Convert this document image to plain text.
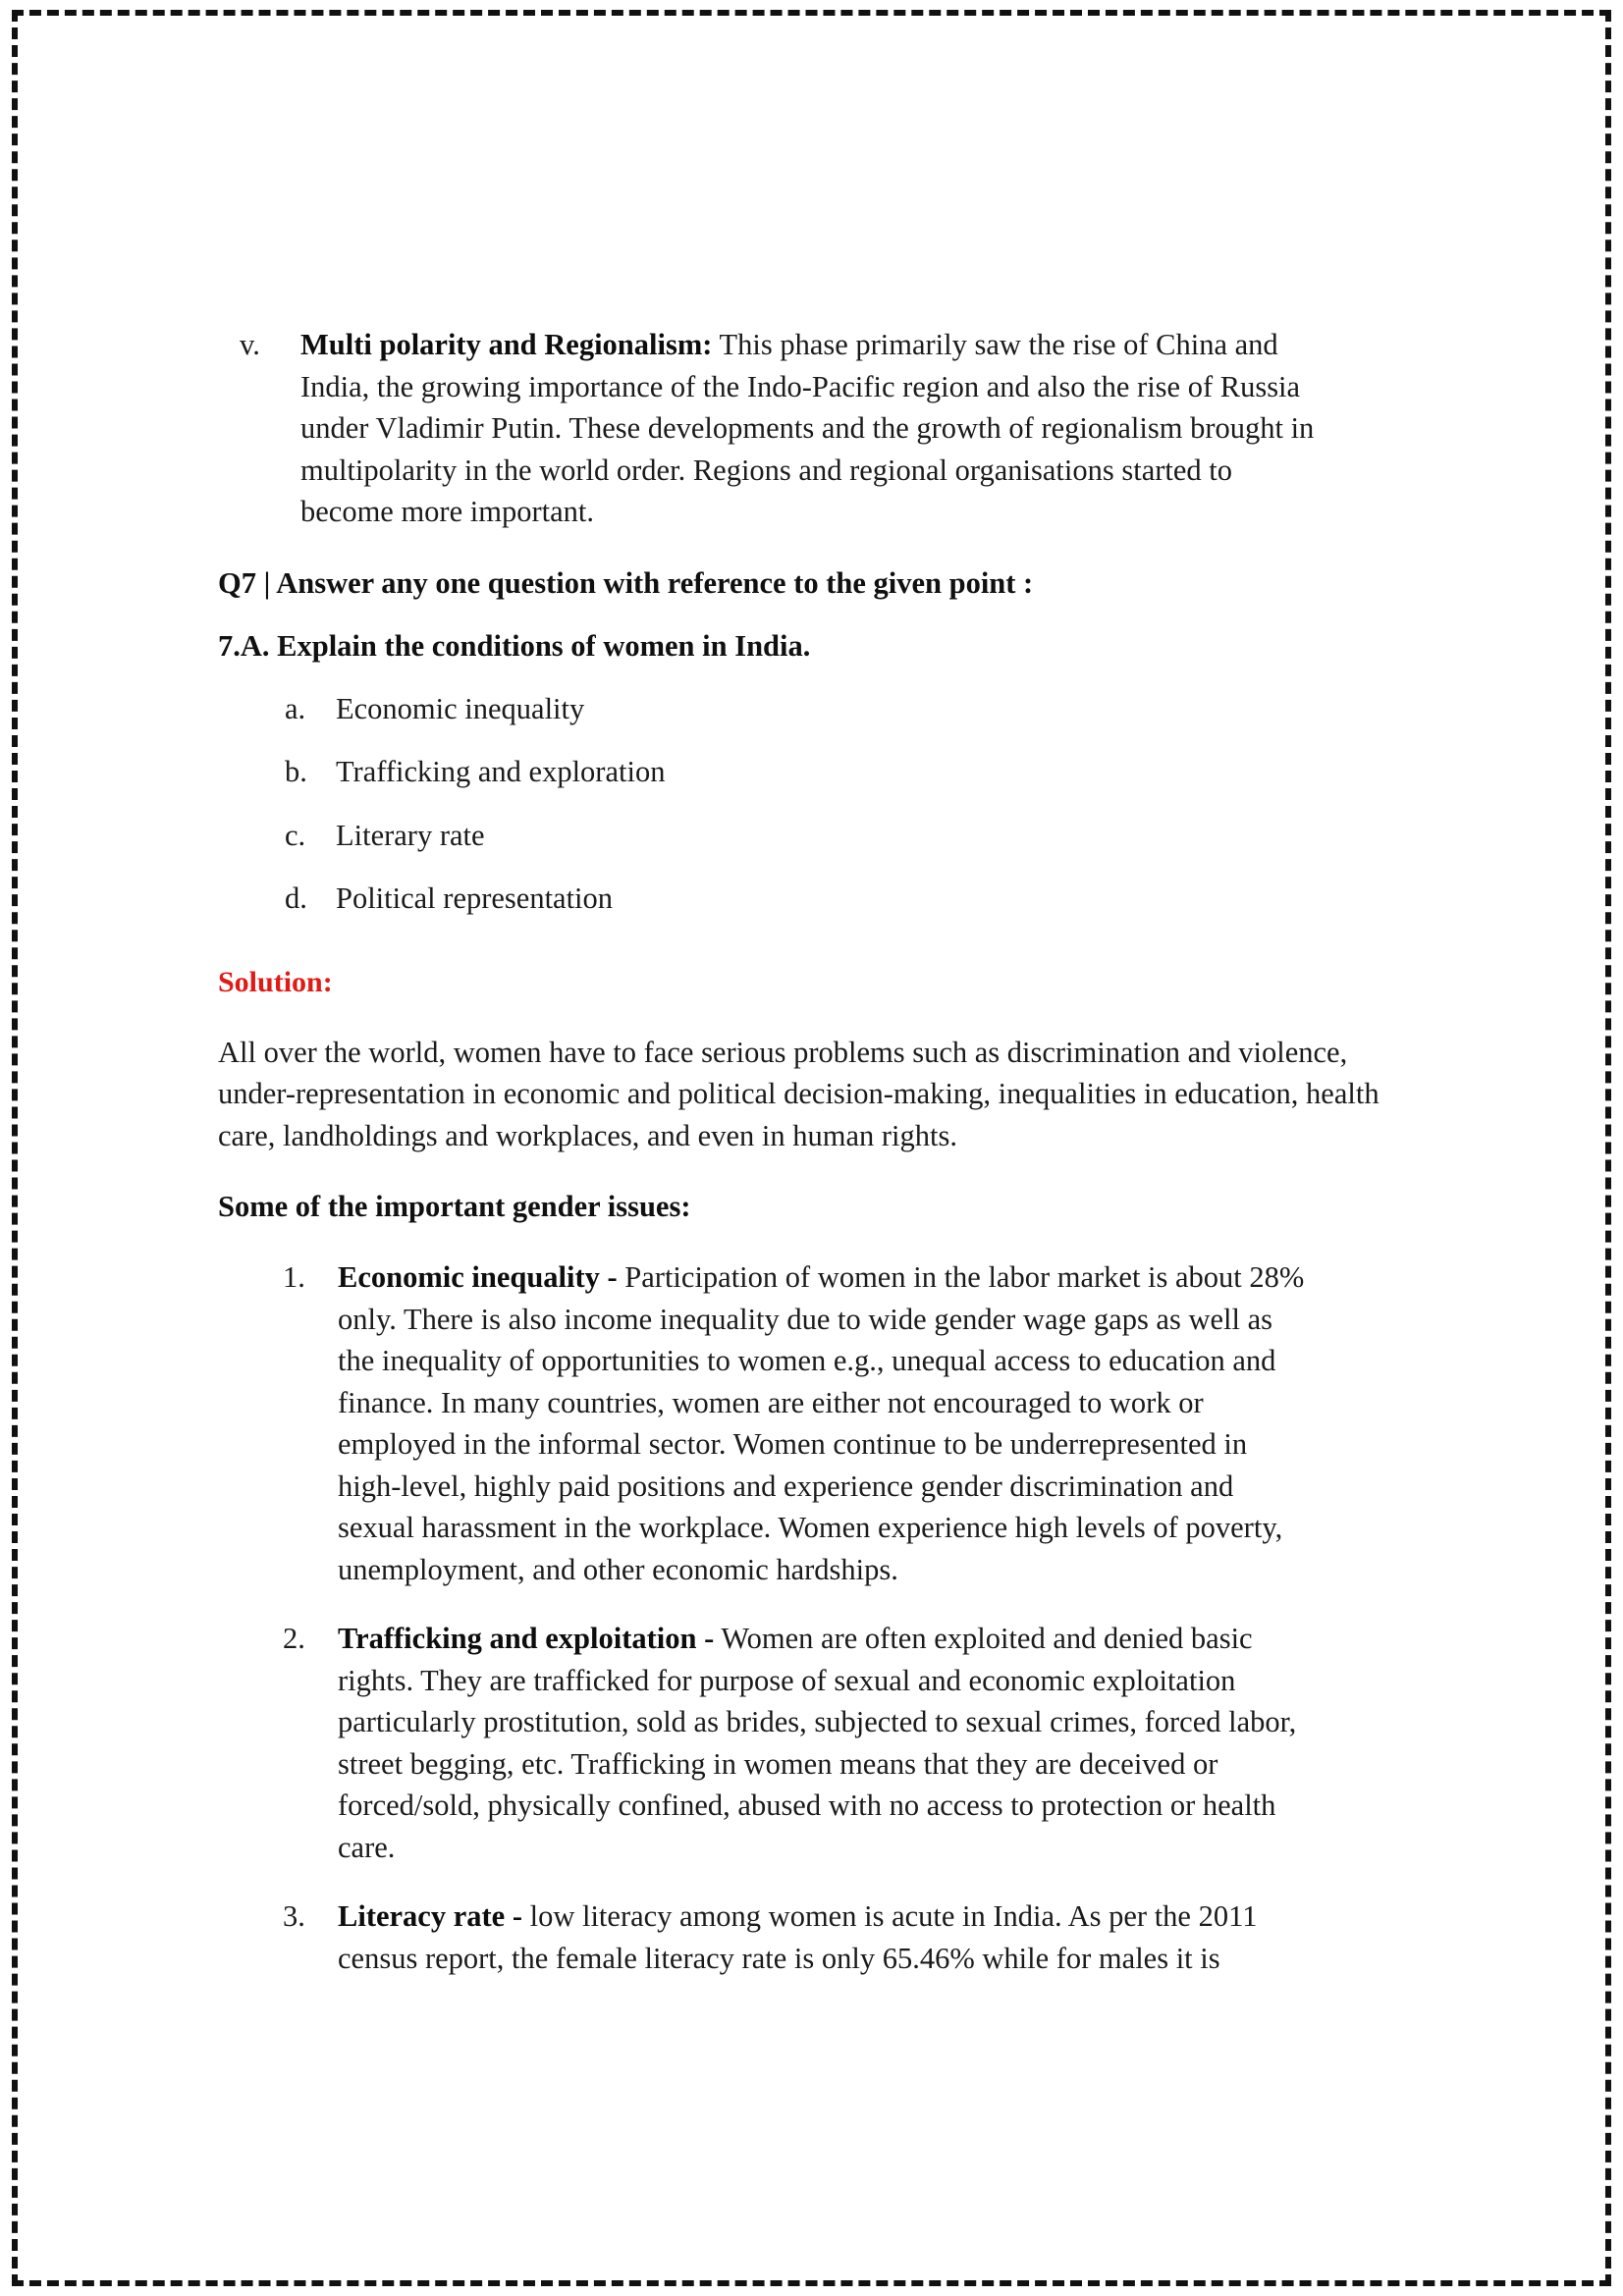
v.	Multi polarity and Regionalism: This phase primarily saw the rise of China and India, the growing importance of the Indo-Pacific region and also the rise of Russia under Vladimir Putin. These developments and the growth of regionalism brought in multipolarity in the world order. Regions and regional organisations started to become more important.

Q7 | Answer any one question with reference to the given point :

7.A. Explain the conditions of women in India.

a.	Economic inequality
b. Trafficking and exploration
c.	Literary rate
d. Political representation

Solution:

All over the world, women have to face serious problems such as discrimination and violence, under-representation in economic and political decision-making, inequalities in education, health care, landholdings and workplaces, and even in human rights.

Some of the important gender issues:

1.	Economic inequality - Participation of women in the labor market is about 28% only. There is also income inequality due to wide gender wage gaps as well as the inequality of opportunities to women e.g., unequal access to education and finance. In many countries, women are either not encouraged to work or employed in the informal sector. Women continue to be underrepresented in high-level, highly paid positions and experience gender discrimination and sexual harassment in the workplace. Women experience high levels of poverty, unemployment, and other economic hardships.
2.	Trafficking and exploitation - Women are often exploited and denied basic rights. They are trafficked for purpose of sexual and economic exploitation particularly prostitution, sold as brides, subjected to sexual crimes, forced labor, street begging, etc. Trafficking in women means that they are deceived or forced/sold, physically confined, abused with no access to protection or health care.
3.	Literacy rate - low literacy among women is acute in India. As per the 2011 census report, the female literacy rate is only 65.46% while for males it is
